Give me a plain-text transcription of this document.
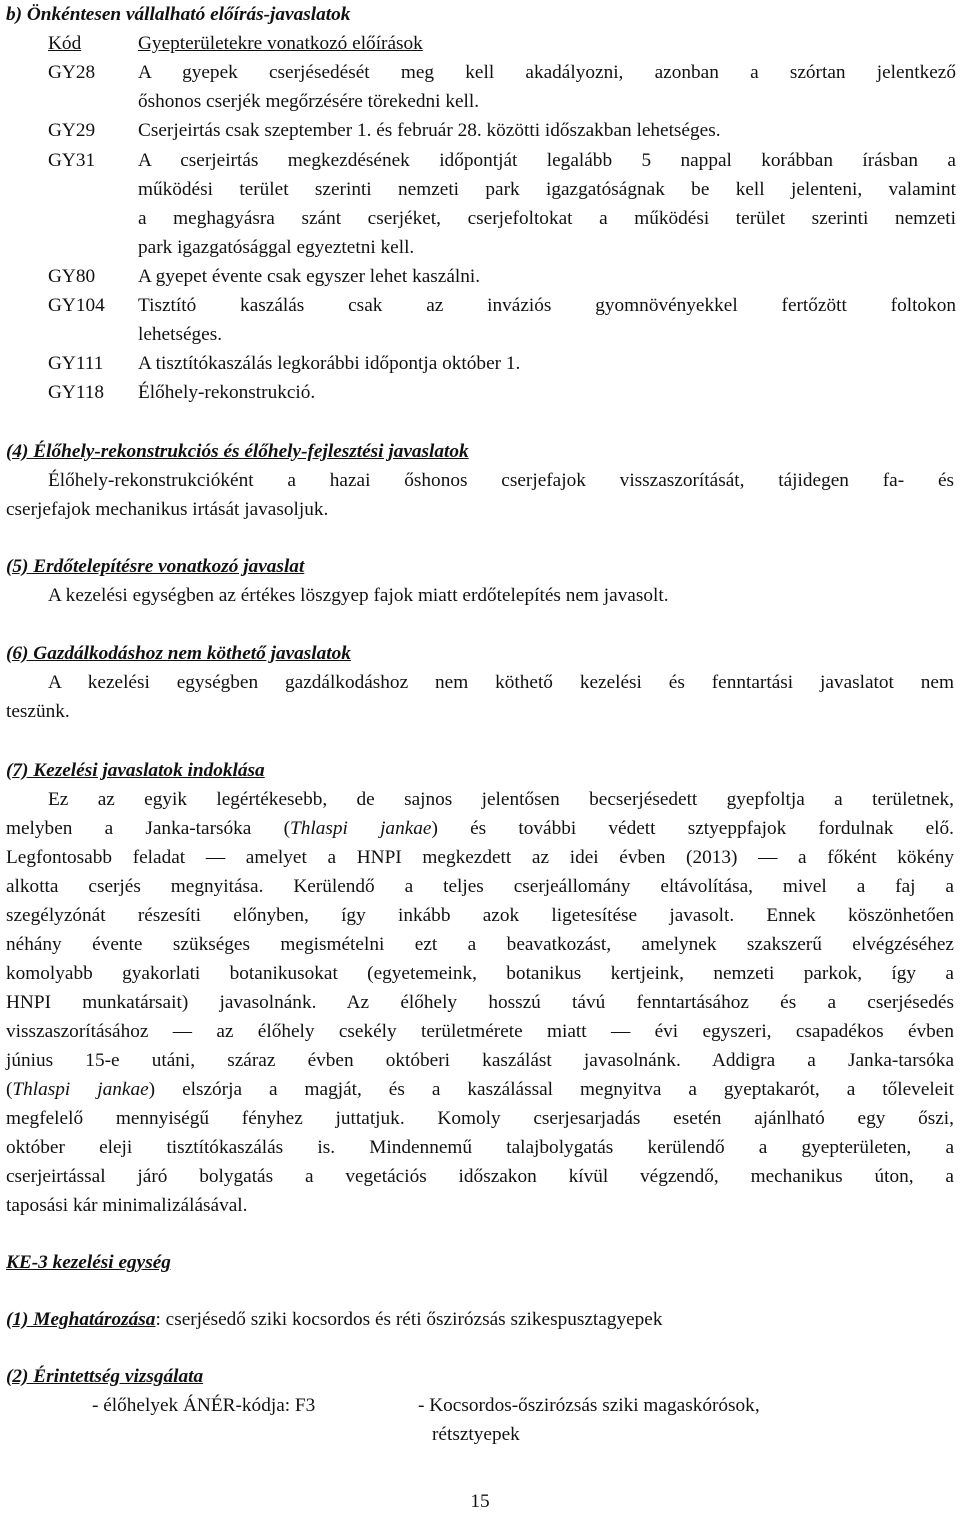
b) Önkéntesen vállalható előírás-javaslatok
Kód	Gyepterületekre vonatkozó előírások
GY28 A gyepek cserjésedését meg kell akadályozni, azonban a szórtan jelentkező
őshonos cserjék megőrzésére törekedni kell.
GY29 Cserjeirtás csak szeptember 1. és február 28. közötti időszakban lehetséges.
GY31 A cserjeirtás megkezdésének időpontját legalább 5 nappal korábban írásban a
működési terület szerinti nemzeti park igazgatóságnak be kell jelenteni, valamint
a meghagyásra szánt cserjéket, cserjefoltokat a működési terület szerinti nemzeti
park igazgatósággal egyeztetni kell.
GY80 A gyepet évente csak egyszer lehet kaszálni.
GY104 Tisztító kaszálás csak az inváziós gyomnövényekkel fertőzött foltokon
lehetséges.
GY111 A tisztítókaszálás legkorábbi időpontja október 1.
GY118 Élőhely-rekonstrukció.
(4) Élőhely-rekonstrukciós és élőhely-fejlesztési javaslatok
Élőhely-rekonstrukcióként a hazai őshonos cserjefajok visszaszorítását, tájidegen fa- és
cserjefajok mechanikus irtását javasoljuk.
(5) Erdőtelepítésre vonatkozó javaslat
A kezelési egységben az értékes löszgyep fajok miatt erdőtelepítés nem javasolt.
(6) Gazdálkodáshoz nem köthető javaslatok
A kezelési egységben gazdálkodáshoz nem köthető kezelési és fenntartási javaslatot nem
teszünk.
(7) Kezelési javaslatok indoklása
Ez az egyik legértékesebb, de sajnos jelentősen becserjésedett gyepfoltja a területnek,
melyben a Janka-tarsóka (Thlaspi jankae) és további védett sztyeppfajok fordulnak elő.
Legfontosabb feladat — amelyet a HNPI megkezdett az idei évben (2013) — a főként kökény
alkotta cserjés megnyitása. Kerülendő a teljes cserjeállomány eltávolítása, mivel a faj a
szegélyzónát részesíti előnyben, így inkább azok ligetesítése javasolt. Ennek köszönhetően
néhány évente szükséges megismételni ezt a beavatkozást, amelynek szakszerű elvégzéséhez
komolyabb gyakorlati botanikusokat (egyetemeink, botanikus kertjeink, nemzeti parkok, így a
HNPI munkatársait) javasolnánk. Az élőhely hosszú távú fenntartásához és a cserjésedés
visszaszorításához — az élőhely csekély területmérete miatt — évi egyszeri, csapadékos évben
június 15-e utáni, száraz évben októberi kaszálást javasolnánk. Addigra a Janka-tarsóka
(Thlaspi jankae) elszórja a magját, és a kaszálással megnyitva a gyeptakarót, a tőleveleit
megfelelő mennyiségű fényhez juttatjuk. Komoly cserjesarjadás esetén ajánlható egy őszi,
október eleji tisztítókaszálás is. Mindennemű talajbolygatás kerülendő a gyepterületen, a
cserjeirtással járó bolygatás a vegetációs időszakon kívül végzendő, mechanikus úton, a
taposási kár minimalizálásával.
KE-3 kezelési egység
(1) Meghatározása: cserjésedő sziki kocsordos és réti őszirózsás szikespusztagyepek
(2) Érintettség vizsgálata
- élőhelyek ÁNÉR-kódja: F3	- Kocsordos-őszirózsás sziki magaskórósok,
rétsztyepek
15
